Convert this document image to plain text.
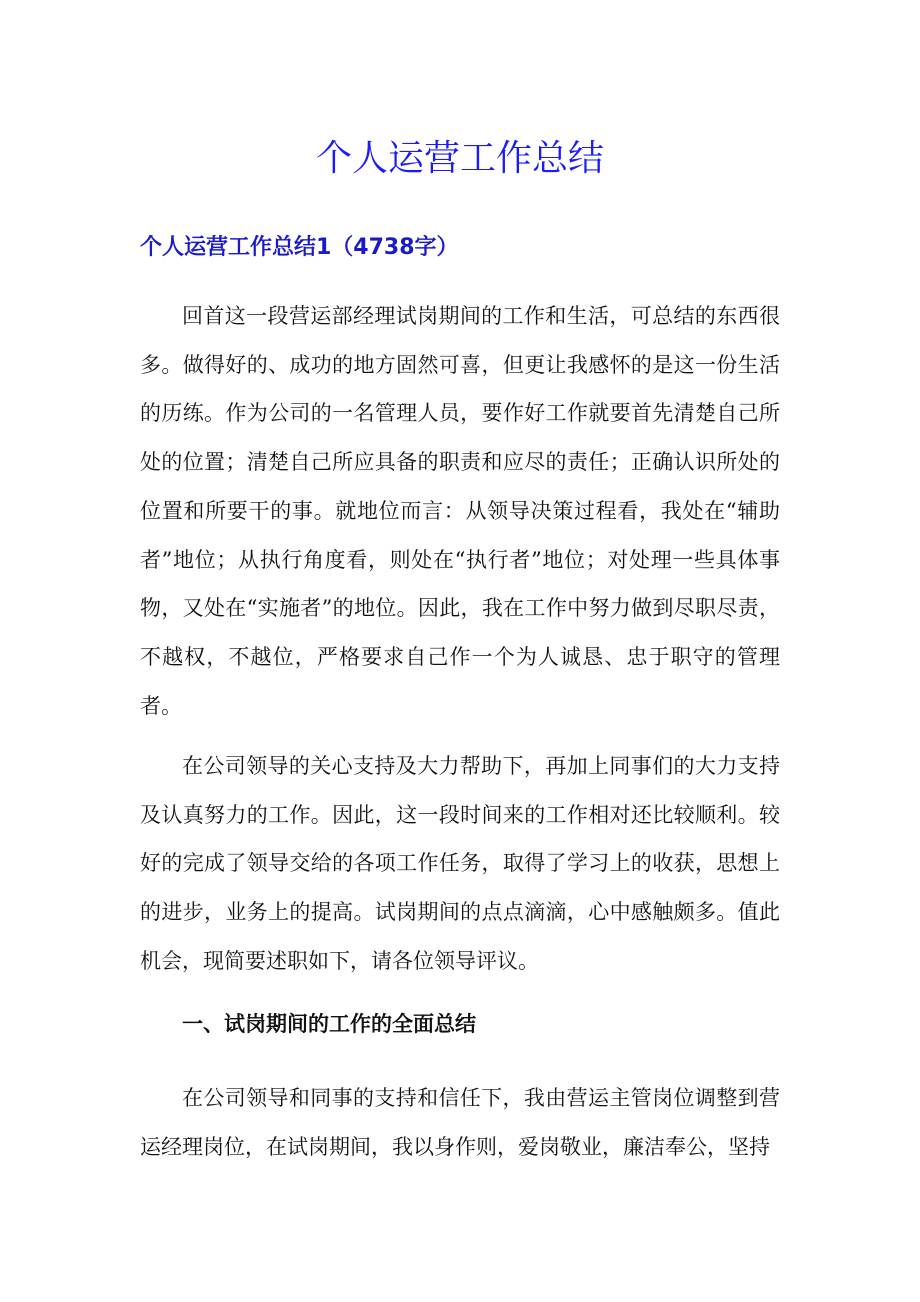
个人运营工作总结
个人运营工作总结1（4738字）

回首这一段营运部经理试岗期间的工作和生活，可总结的东西很多。做得好的、成功的地方固然可喜，但更让我感怀的是这一份生活的历练。作为公司的一名管理人员，要作好工作就要首先清楚自己所处的位置；清楚自己所应具备的职责和应尽的责任；正确认识所处的位置和所要干的事。就地位而言：从领导决策过程看，我处在“辅助者”地位；从执行角度看，则处在“执行者”地位；对处理一些具体事物，又处在“实施者”的地位。因此，我在工作中努力做到尽职尽责，不越权，不越位，严格要求自己作一个为人诚恳、忠于职守的管理者。

在公司领导的关心支持及大力帮助下，再加上同事们的大力支持及认真努力的工作。因此，这一段时间来的工作相对还比较顺利。较好的完成了领导交给的各项工作任务，取得了学习上的收获，思想上的进步，业务上的提高。试岗期间的点点滴滴，心中感触颇多。值此机会，现简要述职如下，请各位领导评议。

一、试岗期间的工作的全面总结

在公司领导和同事的支持和信任下，我由营运主管岗位调整到营运经理岗位，在试岗期间，我以身作则，爱岗敬业，廉洁奉公，坚持
